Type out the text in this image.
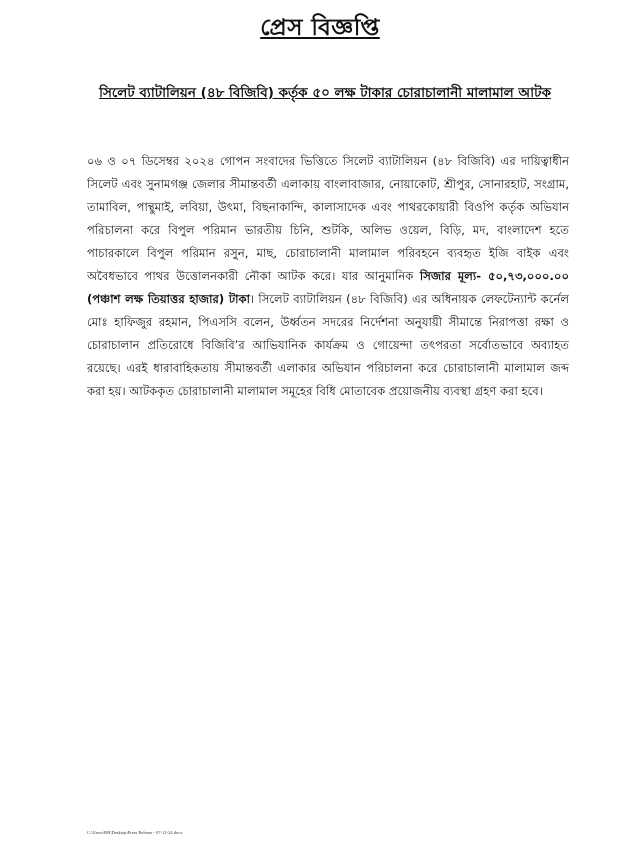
প্রেস বিজ্ঞপ্তি
সিলেট ব্যাটালিয়ন (৪৮ বিজিবি) কর্তৃক ৫০ লক্ষ টাকার চোরাচালানী মালামাল আটক
০৬ ও ০৭ ডিসেম্বর ২০২৪ গোপন সংবাদের ভিত্তিতে সিলেট ব্যাটালিয়ন (৪৮ বিজিবি) এর দায়িত্বাধীন সিলেট এবং সুনামগঞ্জ জেলার সীমান্তবর্তী এলাকায় বাংলাবাজার, নোয়াকোট, শ্রীপুর, সোনারহাট, সংগ্রাম, তামাবিল, পান্থুমাই, লবিয়া, উৎমা, বিছনাকান্দি, কালাসাদেক এবং পাথরকোয়ারী বিওপি কর্তৃক অভিযান পরিচালনা করে বিপুল পরিমান ভারতীয় চিনি, শুটকি, অলিভ ওয়েল, বিড়ি, মদ, বাংলাদেশ হতে পাচারকালে বিপুল পরিমান রসুন, মাছ, চোরাচালানী মালামাল পরিবহনে ব্যবহৃত ইজি বাইক এবং অবৈধভাবে পাথর উত্তোলনকারী নৌকা আটক করে। যার আনুমানিক সিজার মূল্য- ৫০,৭৩,০০০.০০ (পঞ্চাশ লক্ষ তিয়াত্তর হাজার) টাকা। সিলেট ব্যাটালিয়ন (৪৮ বিজিবি) এর অধিনায়ক লেফটেন্যান্ট কর্নেল মোঃ হাফিজুর রহমান, পিএসসি বলেন, উর্ধ্বতন সদরের নির্দেশনা অনুযায়ী সীমান্তে নিরাপত্তা রক্ষা ও চোরাচালান প্রতিরোধে বিজিবি’র আভিযানিক কার্যক্রম ও গোয়েন্দা তৎপরতা সর্বোতভাবে অব্যাহত রয়েছে। এরই ধারাবাহিকতায় সীমান্তবর্তী এলাকার অভিযান পরিচালনা করে চোরাচালানী মালামাল জব্দ করা হয়। আটককৃত চোরাচালানী মালামাল সমূহের বিধি মোতাবেক প্রয়োজনীয় ব্যবস্থা গ্রহণ করা হবে।
C:\Users\BH\Desktop\Press Release - 07-12-24.docx
